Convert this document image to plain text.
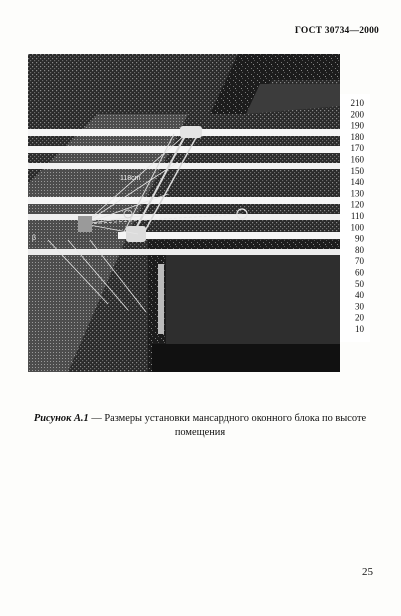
ГОСТ 30734—2000
118cm
140cm
β
210
200
190
180
170
160
150
140
130
120
110
100
90
80
70
60
50
40
30
20
10
Рисунок А.1 — Размеры установки мансардного оконного блока по высоте помещения
25
